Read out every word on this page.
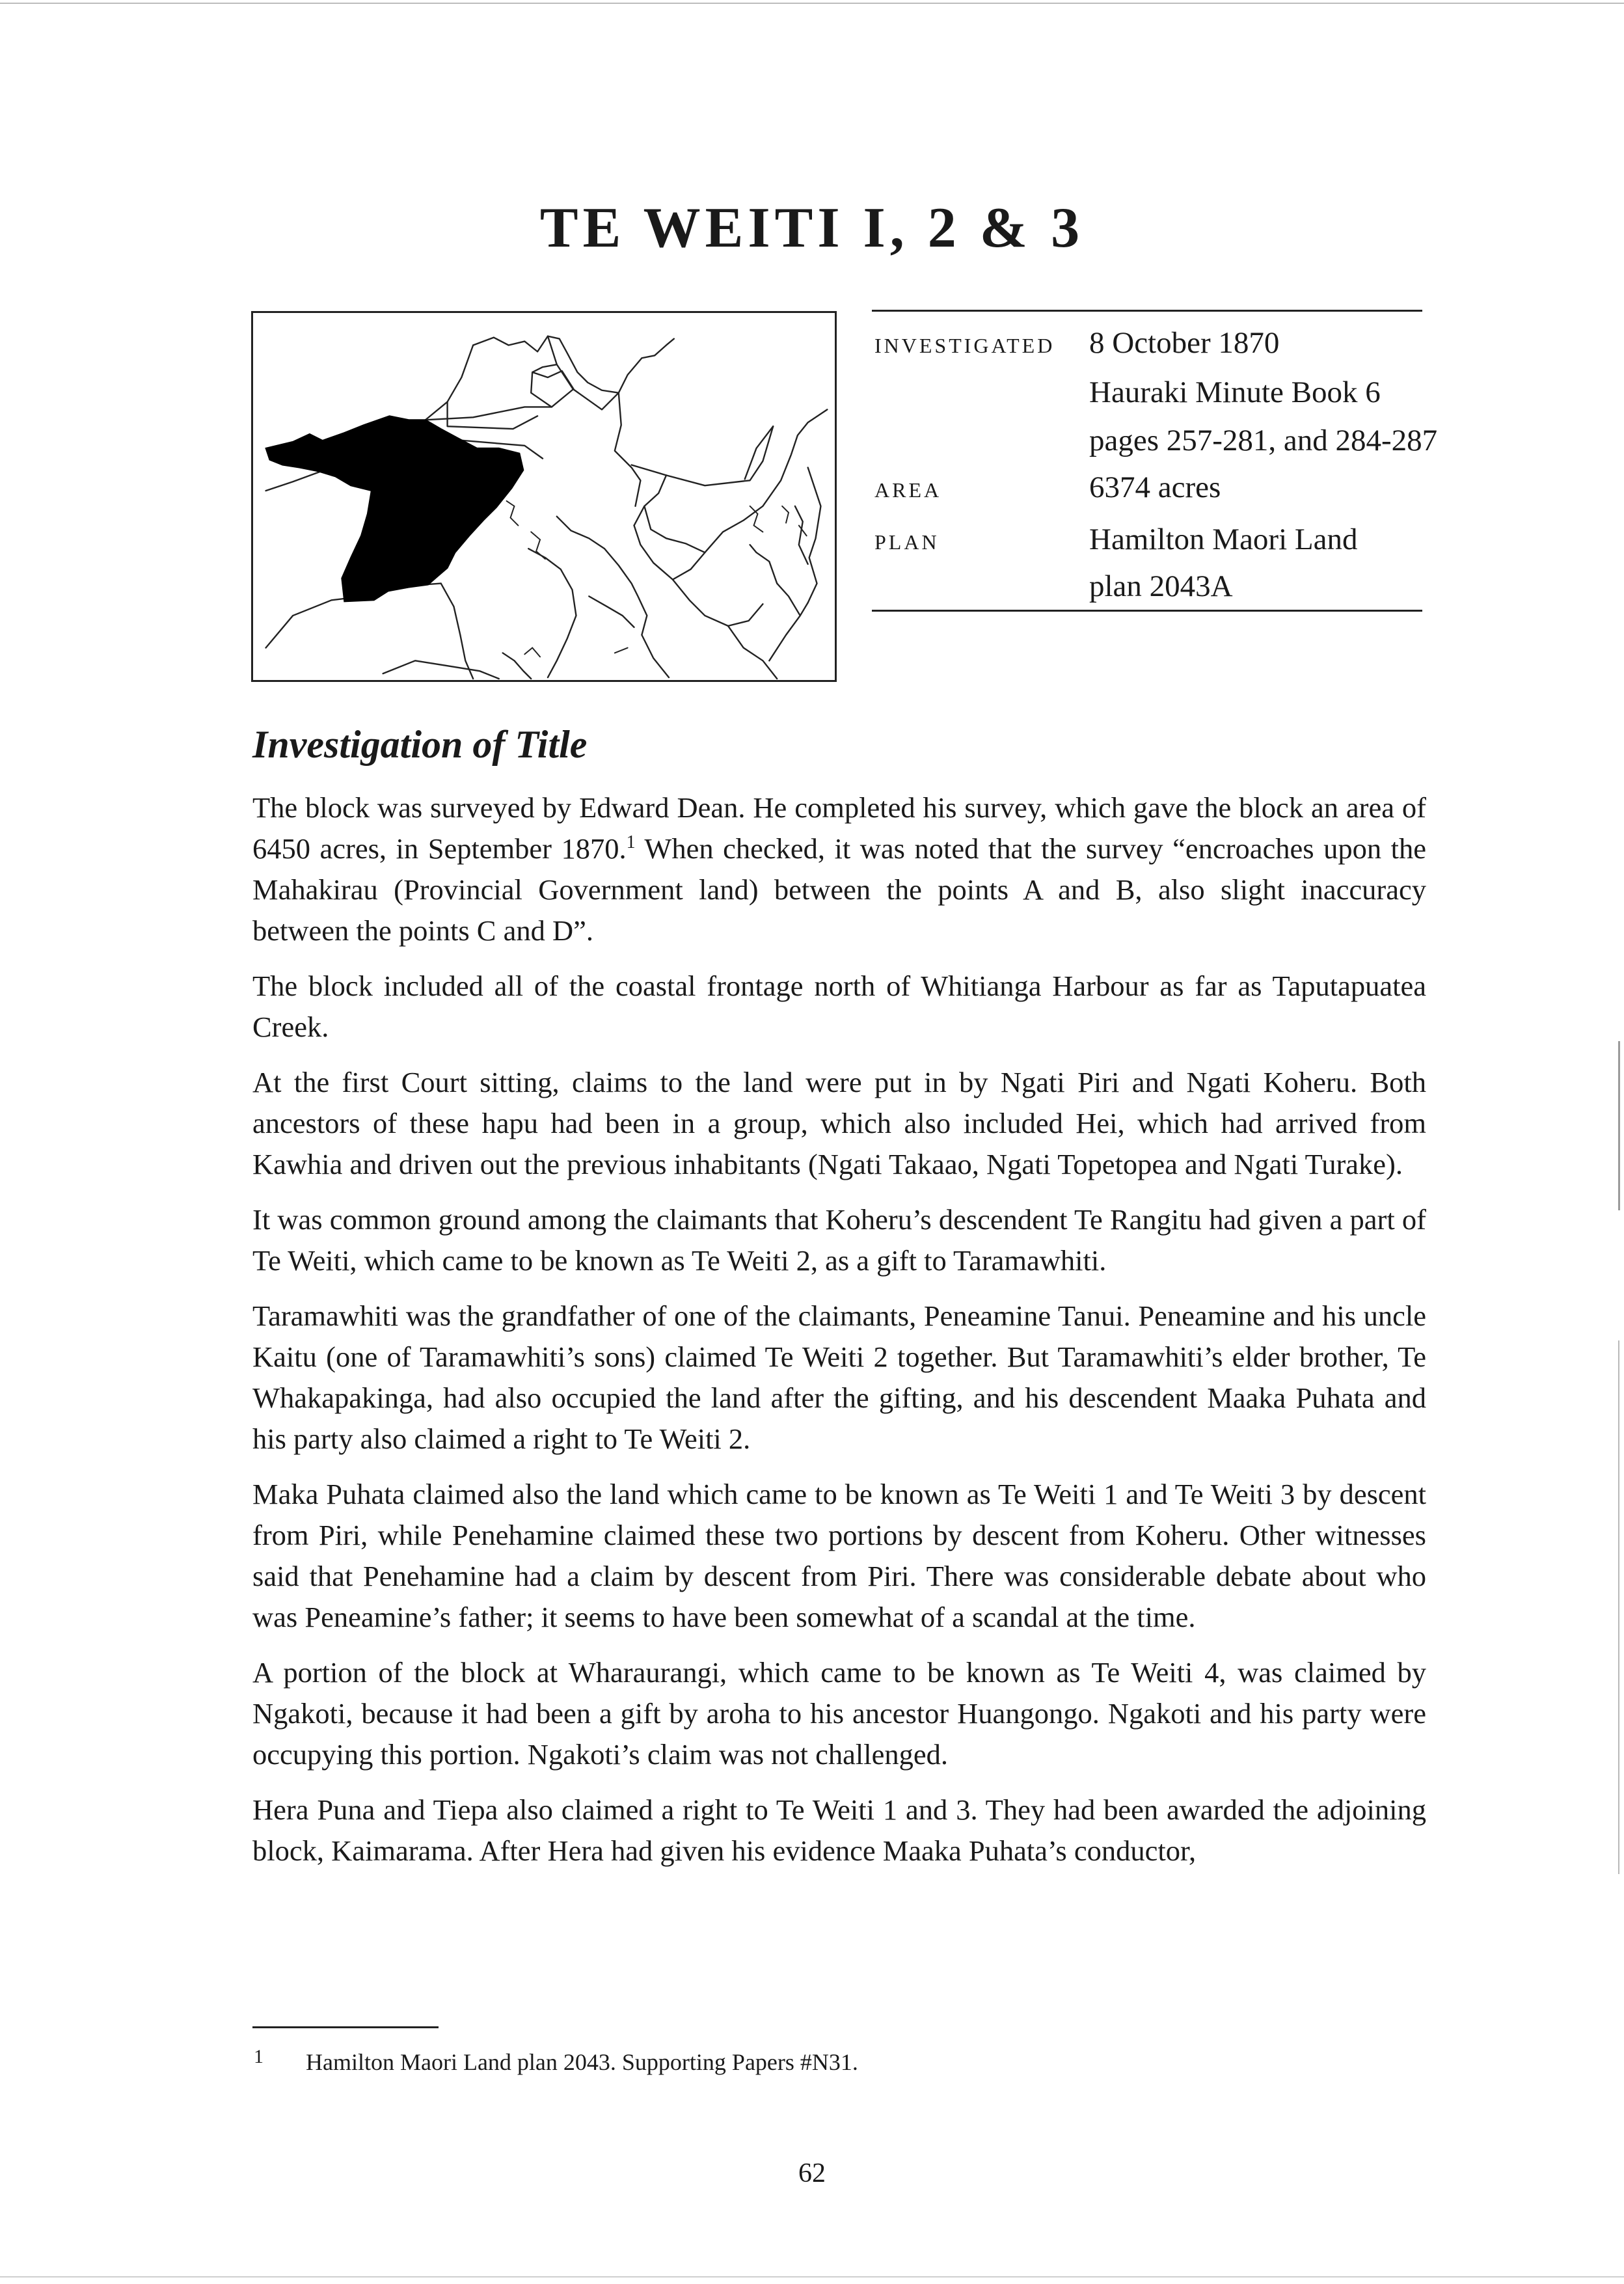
TE WEITI I, 2 & 3
INVESTIGATED 8 October 1870
Hauraki Minute Book 6
pages 257-281, and 284-287
AREA	6374 acres
PLAN	Hamilton Maori Land
plan 2043A
Investigation of Title

The block was surveyed by Edward Dean. He completed his survey, which gave the block an area of 6450 acres, in September 1870.$^1$ When checked, it was noted that the survey “encroaches upon the Mahakirau (Provincial Government land) between the points A and B, also slight inaccuracy between the points C and D”.

The block included all of the coastal frontage north of Whitianga Harbour as far as Taputapuatea Creek.

At the first Court sitting, claims to the land were put in by Ngati Piri and Ngati Koheru. Both ancestors of these hapu had been in a group, which also included Hei, which had arrived from Kawhia and driven out the previous inhabitants (Ngati Takaao, Ngati Topetopea and Ngati Turake).

It was common ground among the claimants that Koheru’s descendent Te Rangitu had given a part of Te Weiti, which came to be known as Te Weiti 2, as a gift to Taramawhiti.

Taramawhiti was the grandfather of one of the claimants, Peneamine Tanui. Peneamine and his uncle Kaitu (one of Taramawhiti’s sons) claimed Te Weiti 2 together. But Taramawhiti’s elder brother, Te Whakapakinga, had also occupied the land after the gifting, and his descendent Maaka Puhata and his party also claimed a right to Te Weiti 2.

Maka Puhata claimed also the land which came to be known as Te Weiti 1 and Te Weiti 3 by descent from Piri, while Penehamine claimed these two portions by descent from Koheru. Other witnesses said that Penehamine had a claim by descent from Piri. There was considerable debate about who was Peneamine’s father; it seems to have been somewhat of a scandal at the time.

A portion of the block at Wharaurangi, which came to be known as Te Weiti 4, was claimed by Ngakoti, because it had been a gift by aroha to his ancestor Huangongo. Ngakoti and his party were occupying this portion. Ngakoti’s claim was not challenged.

Hera Puna and Tiepa also claimed a right to Te Weiti 1 and 3. They had been awarded the adjoining block, Kaimarama. After Hera had given his evidence Maaka Puhata’s conductor,

1 Hamilton Maori Land plan 2043. Supporting Papers #N31.
62
